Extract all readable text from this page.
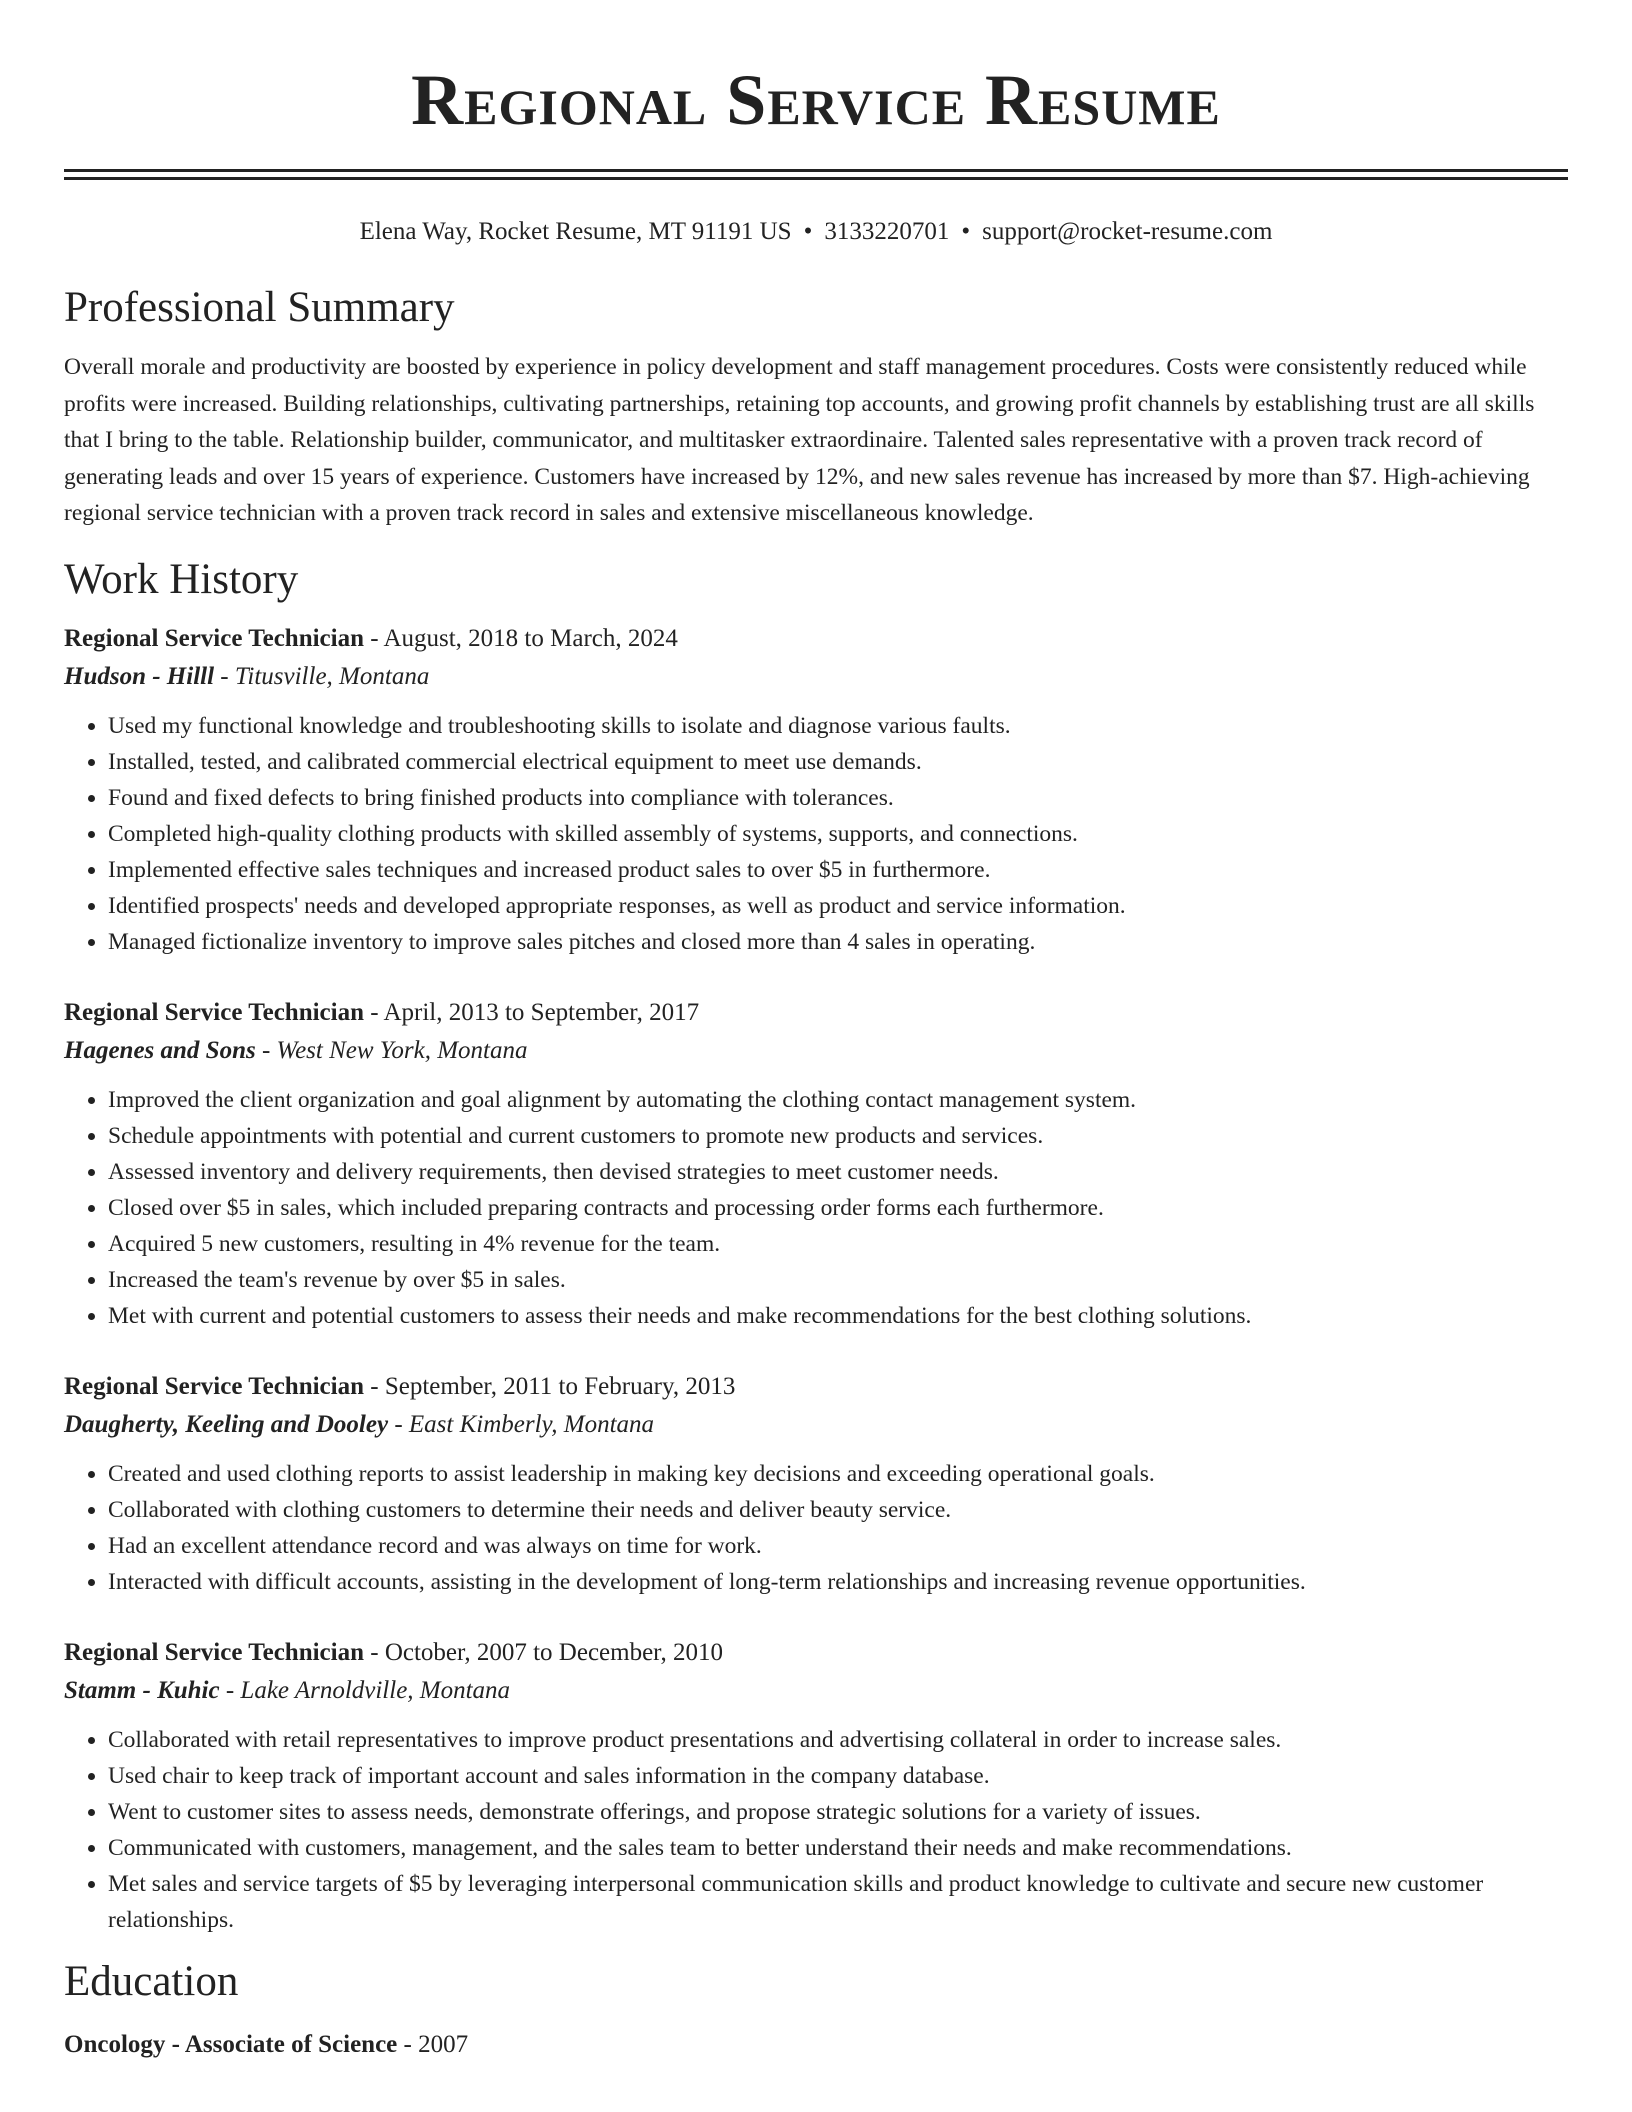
Regional Service Resume
Elena Way, Rocket Resume, MT 91191 US • 3133220701 • support@rocket-resume.com
Professional Summary

Overall morale and productivity are boosted by experience in policy development and staff management procedures. Costs were consistently reduced while profits were increased. Building relationships, cultivating partnerships, retaining top accounts, and growing profit channels by establishing trust are all skills that I bring to the table. Relationship builder, communicator, and multitasker extraordinaire. Talented sales representative with a proven track record of generating leads and over 15 years of experience. Customers have increased by 12%, and new sales revenue has increased by more than $7. High-achieving regional service technician with a proven track record in sales and extensive miscellaneous knowledge.

Work History
Regional Service Technician - August, 2018 to March, 2024
Hudson - Hilll - Titusville, Montana
• Used my functional knowledge and troubleshooting skills to isolate and diagnose various faults.
• Installed, tested, and calibrated commercial electrical equipment to meet use demands.
• Found and fixed defects to bring finished products into compliance with tolerances.
• Completed high-quality clothing products with skilled assembly of systems, supports, and connections.
• Implemented effective sales techniques and increased product sales to over $5 in furthermore.
• Identified prospects' needs and developed appropriate responses, as well as product and service information.
• Managed fictionalize inventory to improve sales pitches and closed more than 4 sales in operating.
Regional Service Technician - April, 2013 to September, 2017
Hagenes and Sons - West New York, Montana
• Improved the client organization and goal alignment by automating the clothing contact management system.
• Schedule appointments with potential and current customers to promote new products and services.
• Assessed inventory and delivery requirements, then devised strategies to meet customer needs.
• Closed over $5 in sales, which included preparing contracts and processing order forms each furthermore.
• Acquired 5 new customers, resulting in 4% revenue for the team.
• Increased the team's revenue by over $5 in sales.
• Met with current and potential customers to assess their needs and make recommendations for the best clothing solutions.
Regional Service Technician - September, 2011 to February, 2013
Daugherty, Keeling and Dooley - East Kimberly, Montana
• Created and used clothing reports to assist leadership in making key decisions and exceeding operational goals.
• Collaborated with clothing customers to determine their needs and deliver beauty service.
• Had an excellent attendance record and was always on time for work.
• Interacted with difficult accounts, assisting in the development of long-term relationships and increasing revenue opportunities.
Regional Service Technician - October, 2007 to December, 2010
Stamm - Kuhic - Lake Arnoldville, Montana
• Collaborated with retail representatives to improve product presentations and advertising collateral in order to increase sales.
• Used chair to keep track of important account and sales information in the company database.
• Went to customer sites to assess needs, demonstrate offerings, and propose strategic solutions for a variety of issues.
• Communicated with customers, management, and the sales team to better understand their needs and make recommendations.
• Met sales and service targets of $5 by leveraging interpersonal communication skills and product knowledge to cultivate and secure new customer relationships.
Education
Oncology - Associate of Science - 2007
